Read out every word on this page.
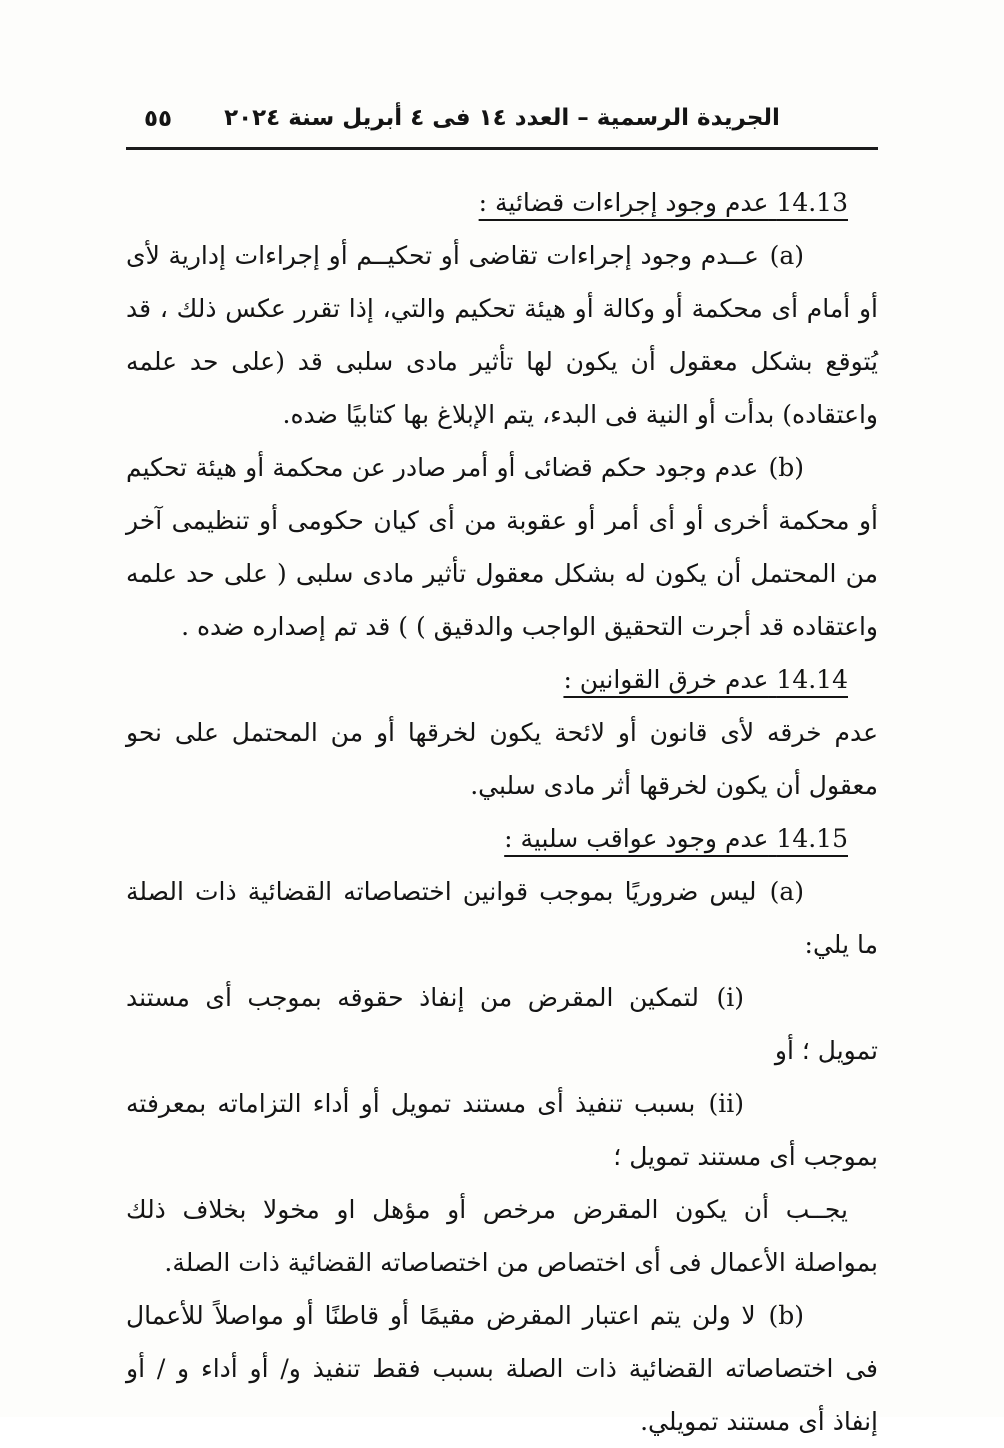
٥٥ الجريدة الرسمية – العدد ١٤ فى ٤ أبريل سنة ٢٠٢٤
14.13 عدم وجود إجراءات قضائية :

(a) عــدم وجود إجراءات تقاضى أو تحكيــم أو إجراءات إدارية لأى أو أمام أى محكمة أو وكالة أو هيئة تحكيم والتي، إذا تقرر عكس ذلك ، قد يُتوقع بشكل معقول أن يكون لها تأثير مادى سلبى قد (على حد علمه واعتقاده) بدأت أو النية فى البدء، يتم الإبلاغ بها كتابيًا ضده.

(b) عدم وجود حكم قضائى أو أمر صادر عن محكمة أو هيئة تحكيم أو محكمة أخرى أو أى أمر أو عقوبة من أى كيان حكومى أو تنظيمى آخر من المحتمل أن يكون له بشكل معقول تأثير مادى سلبى ( على حد علمه واعتقاده قد أجرت التحقيق الواجب والدقيق ) ) قد تم إصداره ضده .

14.14 عدم خرق القوانين :

عدم خرقه لأى قانون أو لائحة يكون لخرقها أو من المحتمل على نحو معقول أن يكون لخرقها أثر مادى سلبي.

14.15 عدم وجود عواقب سلبية :

(a) ليس ضروريًا بموجب قوانين اختصاصاته القضائية ذات الصلة ما يلي:

(i) لتمكين المقرض من إنفاذ حقوقه بموجب أى مستند تمويل ؛ أو

(ii) بسبب تنفيذ أى مستند تمويل أو أداء التزاماته بمعرفته بموجب أى مستند تمويل ؛

يجــب أن يكون المقرض مرخص أو مؤهل او مخولا بخلاف ذلك بمواصلة الأعمال فى أى اختصاص من اختصاصاته القضائية ذات الصلة.

(b) لا ولن يتم اعتبار المقرض مقيمًا أو قاطنًا أو مواصلاً للأعمال فى اختصاصاته القضائية ذات الصلة بسبب فقط تنفيذ و/ أو أداء و / أو إنفاذ أى مستند تمويلي.
